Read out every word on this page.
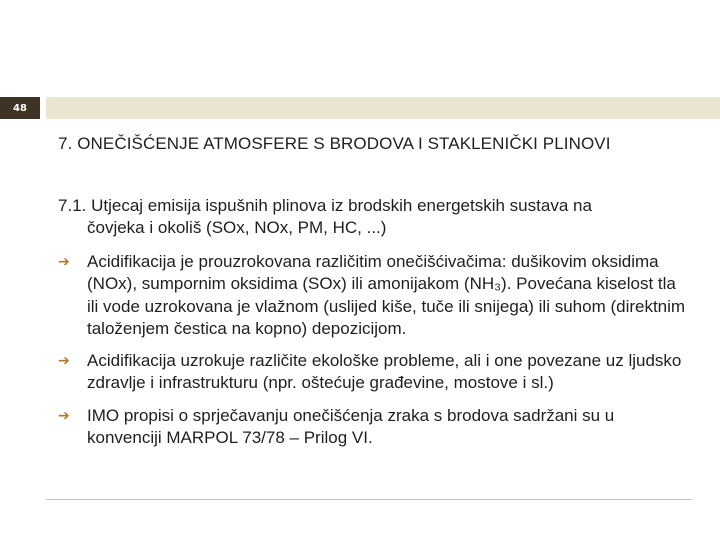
48
7. ONEČIŠĆENJE ATMOSFERE S BRODOVA I STAKLENIČKI PLINOVI
7.1. Utjecaj emisija ispušnih plinova iz brodskih energetskih sustava na
čovjeka i okoliš (SOx, NOx, PM, HC, ...)
➔ Acidifikacija je prouzrokovana različitim onečišćivačima: dušikovim oksidima (NOx), sumpornim oksidima (SOx) ili amonijakom (NH₃). Povećana kiselost tla ili vode uzrokovana je vlažnom (uslijed kiše, tuče ili snijega) ili suhom (direktnim taloženjem čestica na kopno) depozicijom.
➔ Acidifikacija uzrokuje različite ekološke probleme, ali i one povezane uz ljudsko zdravlje i infrastrukturu (npr. oštećuje građevine, mostove i sl.)
➔ IMO propisi o sprječavanju onečišćenja zraka s brodova sadržani su u konvenciji MARPOL 73/78 – Prilog VI.
